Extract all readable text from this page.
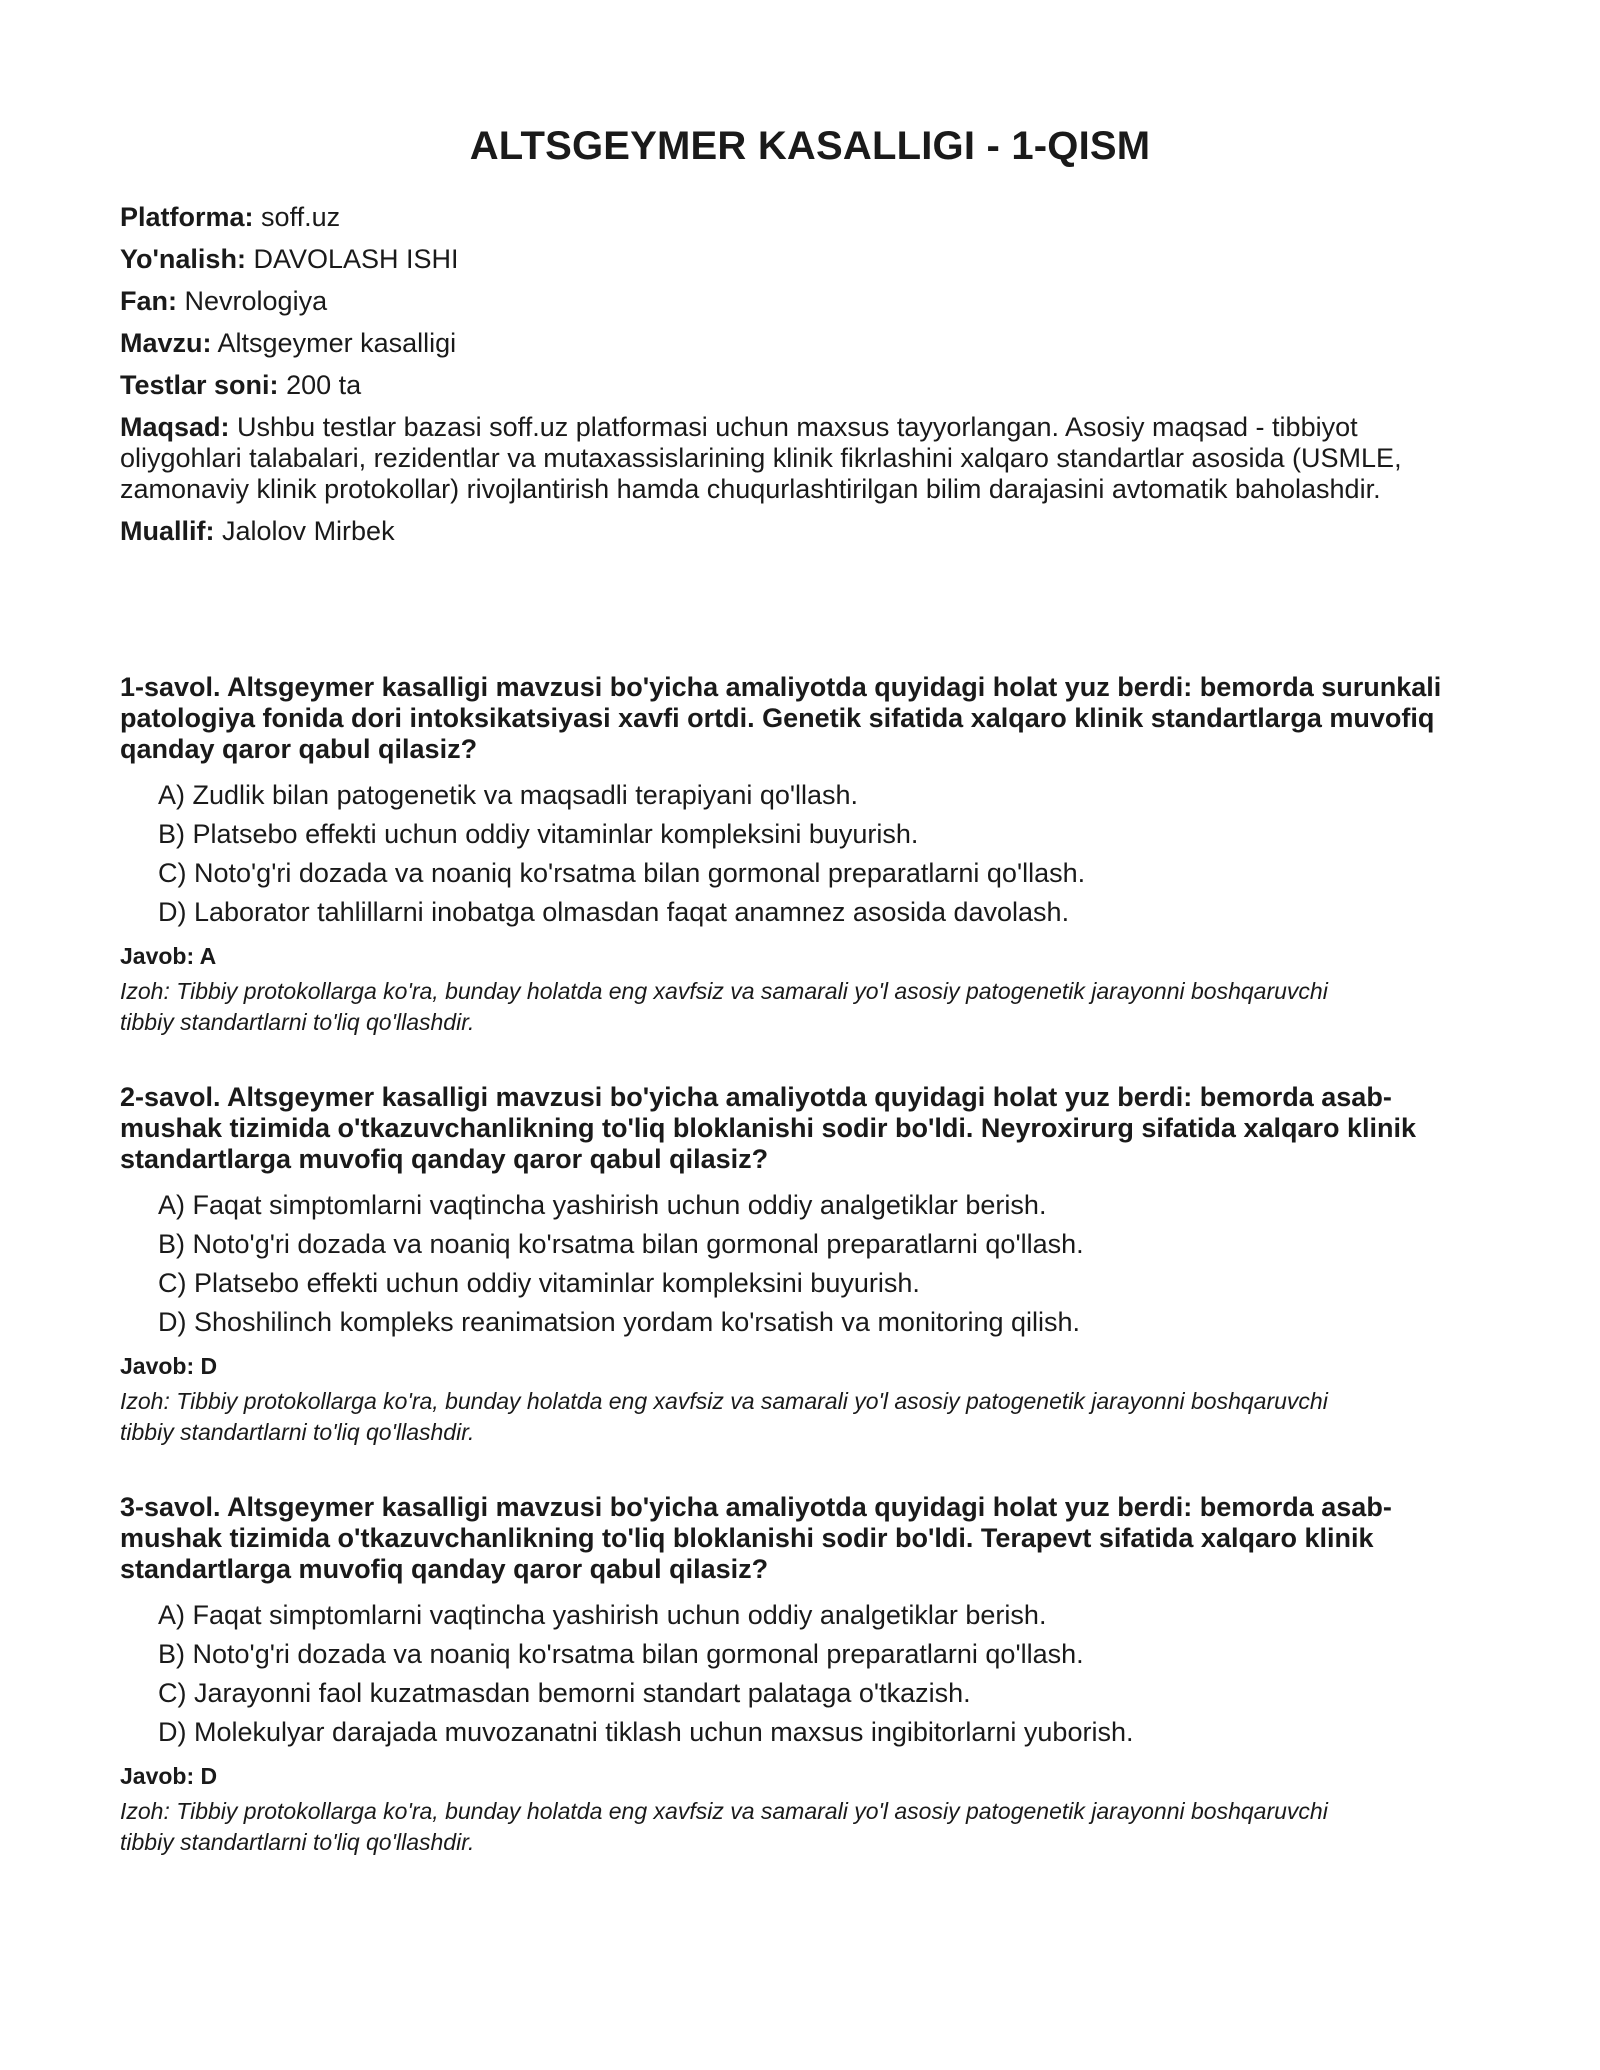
ALTSGEYMER KASALLIGI - 1-QISM

Platforma: soff.uz

Yo'nalish: DAVOLASH ISHI

Fan: Nevrologiya

Mavzu: Altsgeymer kasalligi

Testlar soni: 200 ta

Maqsad: Ushbu testlar bazasi soff.uz platformasi uchun maxsus tayyorlangan. Asosiy maqsad - tibbiyot oliygohlari talabalari, rezidentlar va mutaxassislarining klinik fikrlashini xalqaro standartlar asosida (USMLE, zamonaviy klinik protokollar) rivojlantirish hamda chuqurlashtirilgan bilim darajasini avtomatik baholashdir.

Muallif: Jalolov Mirbek

1-savol. Altsgeymer kasalligi mavzusi bo'yicha amaliyotda quyidagi holat yuz berdi: bemorda surunkali patologiya fonida dori intoksikatsiyasi xavfi ortdi. Genetik sifatida xalqaro klinik standartlarga muvofiq qanday qaror qabul qilasiz?

A) Zudlik bilan patogenetik va maqsadli terapiyani qo'llash.
B) Platsebo effekti uchun oddiy vitaminlar kompleksini buyurish.
C) Noto'g'ri dozada va noaniq ko'rsatma bilan gormonal preparatlarni qo'llash.
D) Laborator tahlillarni inobatga olmasdan faqat anamnez asosida davolash.

Javob: A

Izoh: Tibbiy protokollarga ko'ra, bunday holatda eng xavfsiz va samarali yo'l asosiy patogenetik jarayonni boshqaruvchi tibbiy standartlarni to'liq qo'llashdir.

2-savol. Altsgeymer kasalligi mavzusi bo'yicha amaliyotda quyidagi holat yuz berdi: bemorda asab-mushak tizimida o'tkazuvchanlikning to'liq bloklanishi sodir bo'ldi. Neyroxirurg sifatida xalqaro klinik standartlarga muvofiq qanday qaror qabul qilasiz?

A) Faqat simptomlarni vaqtincha yashirish uchun oddiy analgetiklar berish.
B) Noto'g'ri dozada va noaniq ko'rsatma bilan gormonal preparatlarni qo'llash.
C) Platsebo effekti uchun oddiy vitaminlar kompleksini buyurish.
D) Shoshilinch kompleks reanimatsion yordam ko'rsatish va monitoring qilish.

Javob: D

Izoh: Tibbiy protokollarga ko'ra, bunday holatda eng xavfsiz va samarali yo'l asosiy patogenetik jarayonni boshqaruvchi tibbiy standartlarni to'liq qo'llashdir.

3-savol. Altsgeymer kasalligi mavzusi bo'yicha amaliyotda quyidagi holat yuz berdi: bemorda asab-mushak tizimida o'tkazuvchanlikning to'liq bloklanishi sodir bo'ldi. Terapevt sifatida xalqaro klinik standartlarga muvofiq qanday qaror qabul qilasiz?

A) Faqat simptomlarni vaqtincha yashirish uchun oddiy analgetiklar berish.
B) Noto'g'ri dozada va noaniq ko'rsatma bilan gormonal preparatlarni qo'llash.
C) Jarayonni faol kuzatmasdan bemorni standart palataga o'tkazish.
D) Molekulyar darajada muvozanatni tiklash uchun maxsus ingibitorlarni yuborish.

Javob: D

Izoh: Tibbiy protokollarga ko'ra, bunday holatda eng xavfsiz va samarali yo'l asosiy patogenetik jarayonni boshqaruvchi tibbiy standartlarni to'liq qo'llashdir.
